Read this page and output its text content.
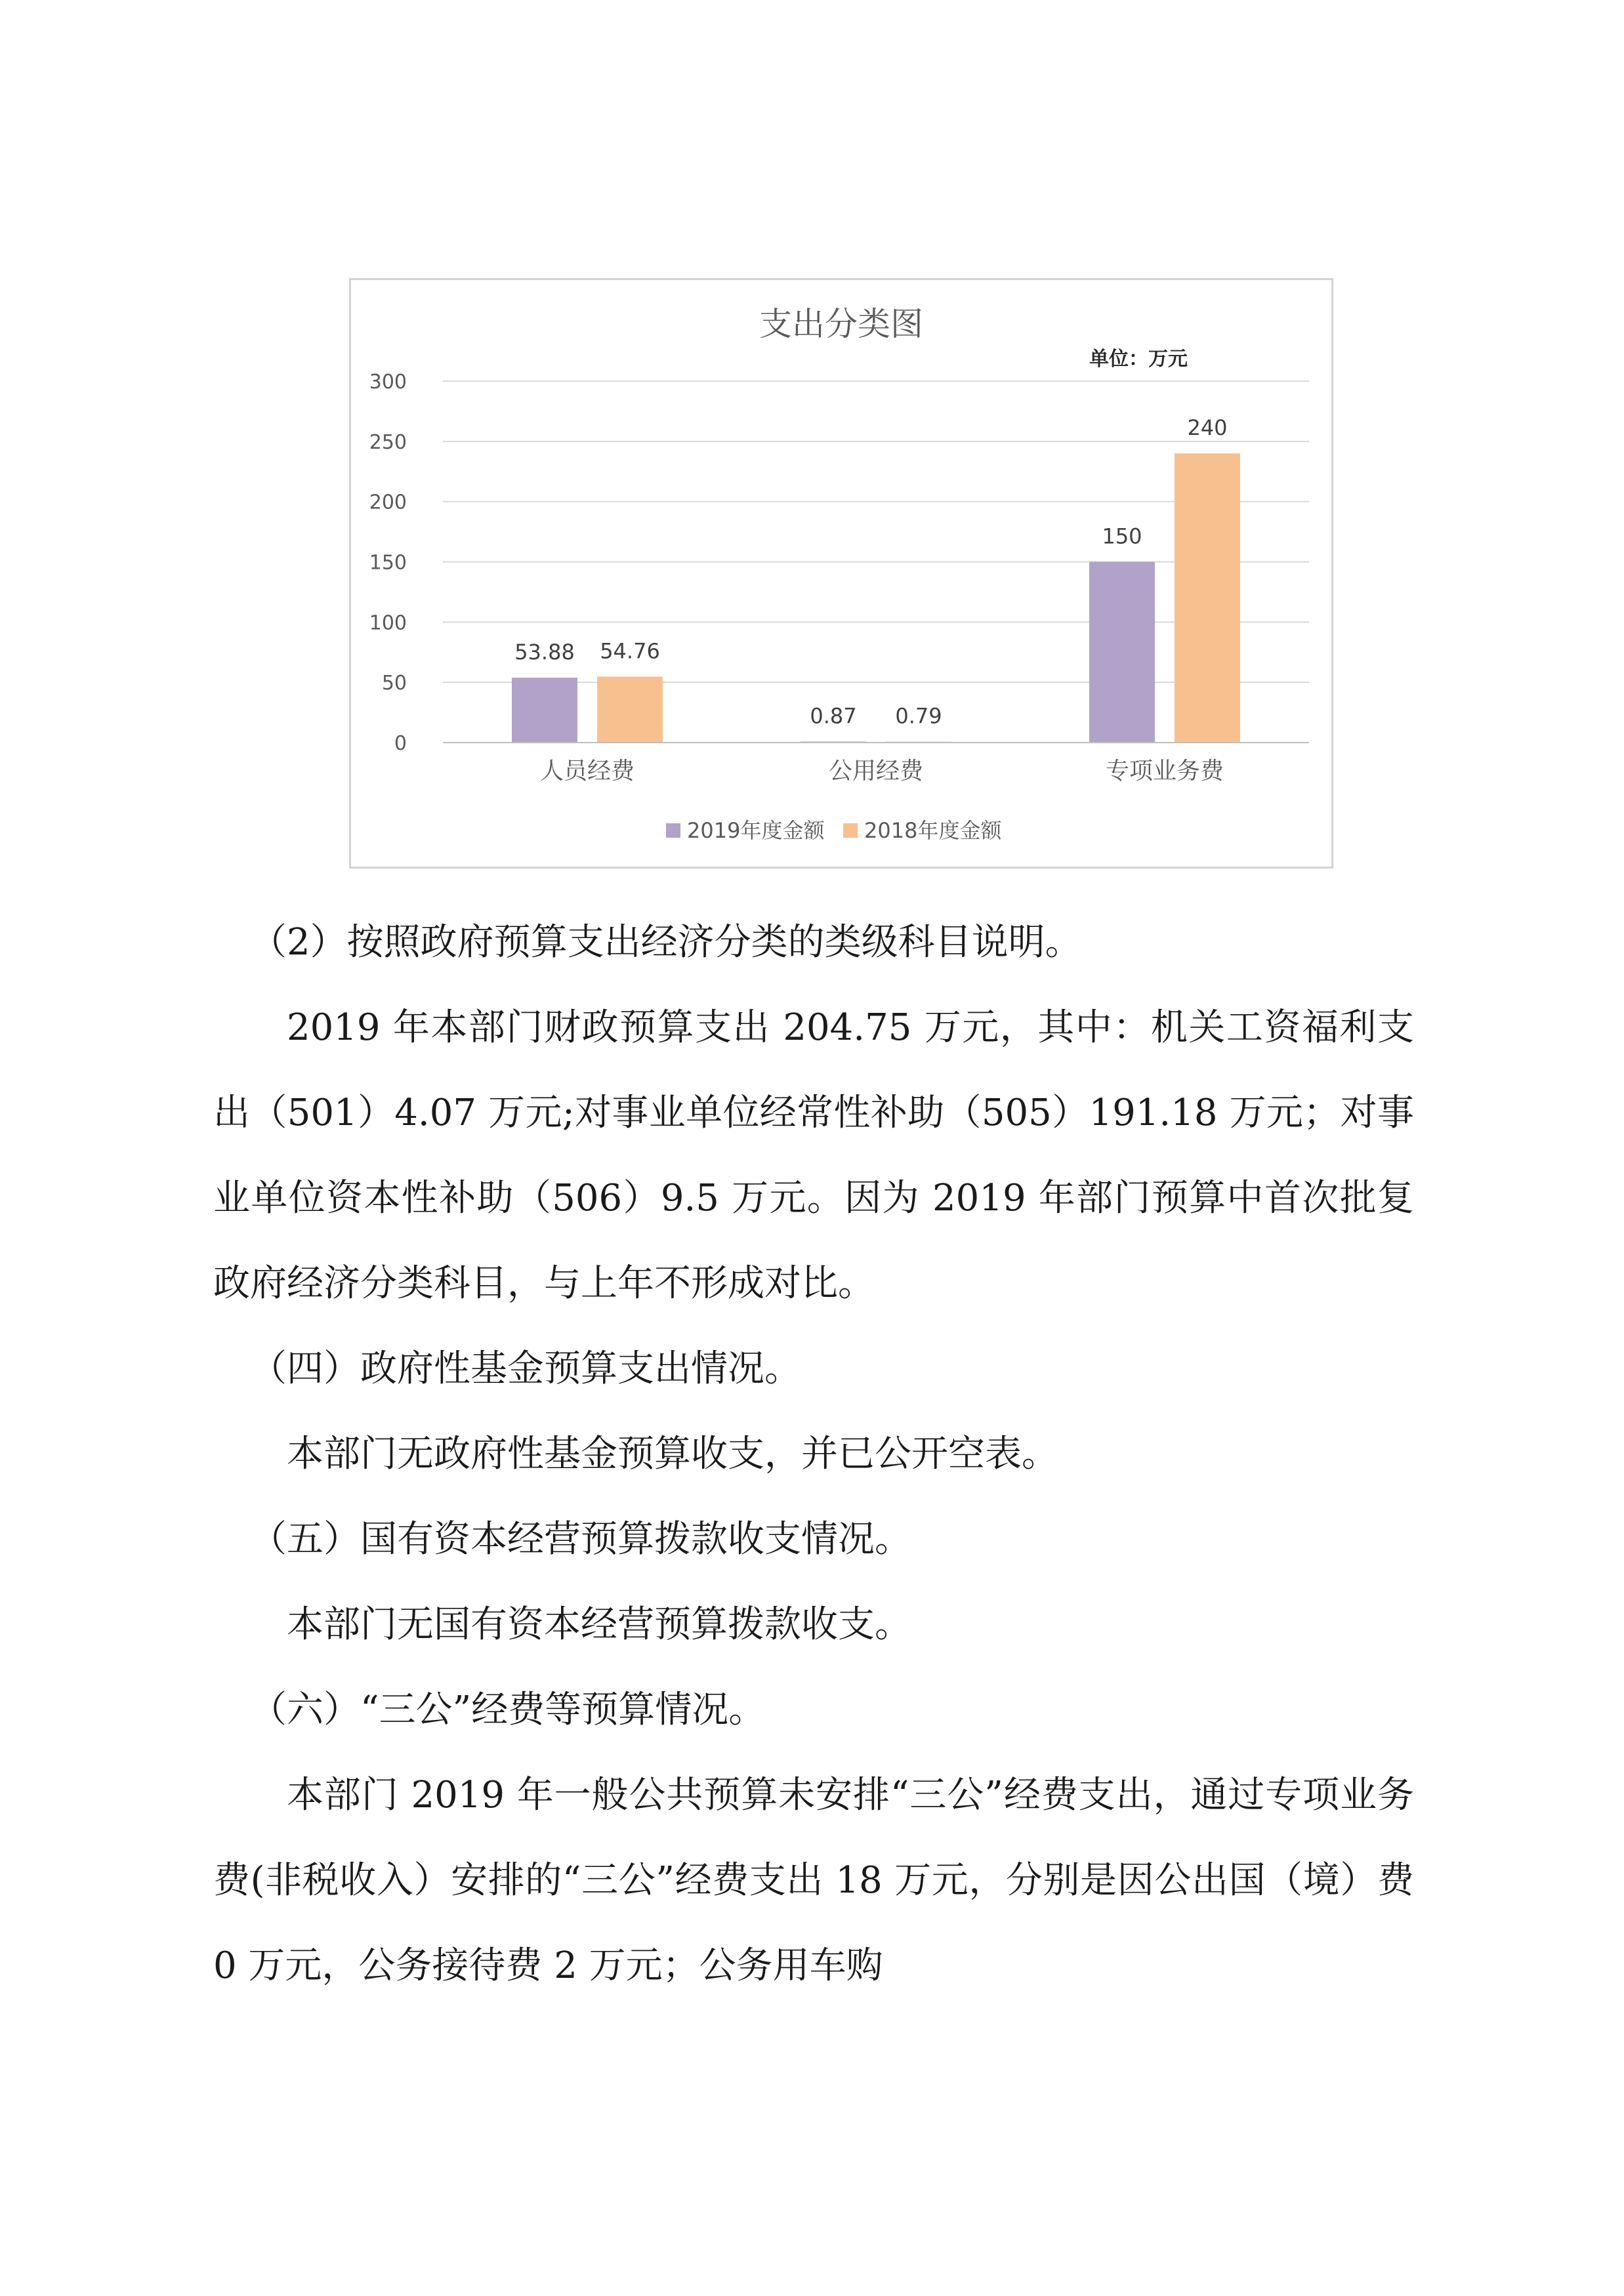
支出分类图
单位：万元
0
50
100
150
200
250
300
53.88 54.76
0.87 0.79
150
240
人员经费	公用经费	专项业务费
2019年度金额 2018年度金额

（2）按照政府预算支出经济分类的类级科目说明。

2019 年本部门财政预算支出 204.75 万元，其中：机关工资福利支出（501）4.07 万元;对事业单位经常性补助（505）191.18 万元；对事业单位资本性补助（506）9.5 万元。因为 2019 年部门预算中首次批复政府经济分类科目，与上年不形成对比。

（四）政府性基金预算支出情况。

本部门无政府性基金预算收支，并已公开空表。

（五）国有资本经营预算拨款收支情况。

本部门无国有资本经营预算拨款收支。

（六）“三公”经费等预算情况。

本部门 2019 年一般公共预算未安排“三公”经费支出，通过专项业务费(非税收入）安排的“三公”经费支出 18 万元，分别是因公出国（境）费 0 万元，公务接待费 2 万元；公务用车购
